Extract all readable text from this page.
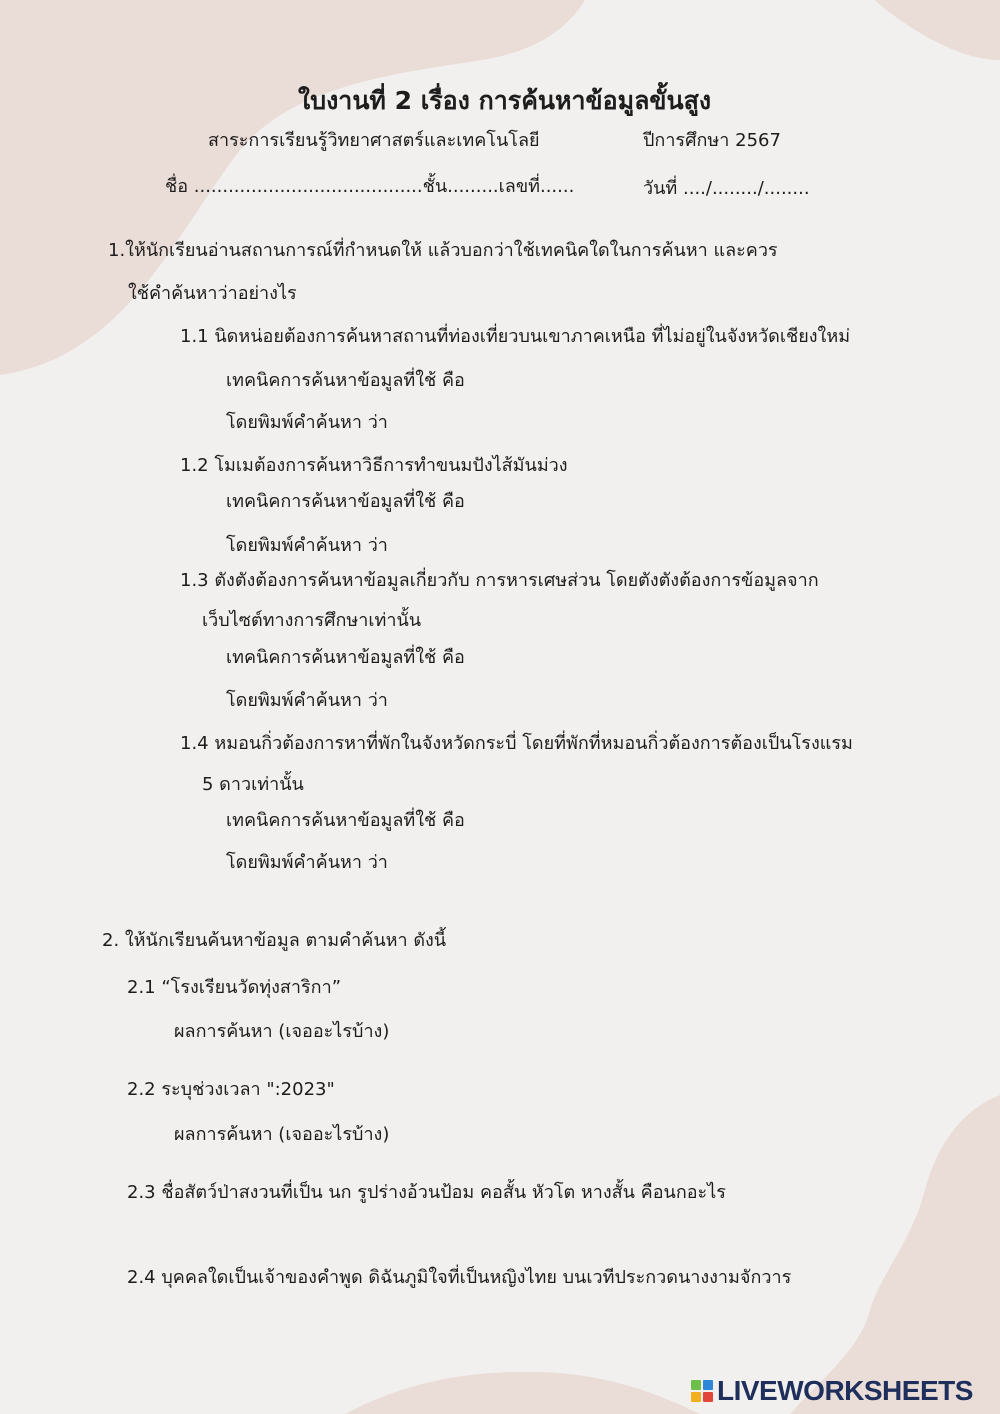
ใบงานที่ 2 เรื่อง การค้นหาข้อมูลขั้นสูง

สาระการเรียนรู้วิทยาศาสตร์และเทคโนโลยี	ปีการศึกษา 2567

ชื่อ ........................................ชั้น.........เลขที่......	วันที่ ..../......../........

1.ให้นักเรียนอ่านสถานการณ์ที่กำหนดให้ แล้วบอกว่าใช้เทคนิคใดในการค้นหา และควร

ใช้คำค้นหาว่าอย่างไร

1.1 นิดหน่อยต้องการค้นหาสถานที่ท่องเที่ยวบนเขาภาคเหนือ ที่ไม่อยู่ในจังหวัดเชียงใหม่

เทคนิคการค้นหาข้อมูลที่ใช้ คือ

โดยพิมพ์คำค้นหา ว่า

1.2 โมเมต้องการค้นหาวิธีการทำขนมปังไส้มันม่วง

เทคนิคการค้นหาข้อมูลที่ใช้ คือ

โดยพิมพ์คำค้นหา ว่า

1.3 ตังตังต้องการค้นหาข้อมูลเกี่ยวกับ การหารเศษส่วน โดยตังตังต้องการข้อมูลจาก

เว็บไซต์ทางการศึกษาเท่านั้น

เทคนิคการค้นหาข้อมูลที่ใช้ คือ

โดยพิมพ์คำค้นหา ว่า

1.4 หมอนกิ่วต้องการหาที่พักในจังหวัดกระบี่ โดยที่พักที่หมอนกิ่วต้องการต้องเป็นโรงแรม

5 ดาวเท่านั้น

เทคนิคการค้นหาข้อมูลที่ใช้ คือ

โดยพิมพ์คำค้นหา ว่า

2. ให้นักเรียนค้นหาข้อมูล ตามคำค้นหา ดังนี้

2.1 “โรงเรียนวัดทุ่งสาริกา”

ผลการค้นหา (เจออะไรบ้าง)

2.2 ระบุช่วงเวลา ":2023"

ผลการค้นหา (เจออะไรบ้าง)

2.3 ชื่อสัตว์ป่าสงวนที่เป็น นก รูปร่างอ้วนป้อม คอสั้น หัวโต หางสั้น คือนกอะไร

2.4 บุคคลใดเป็นเจ้าของคำพูด ดิฉันภูมิใจที่เป็นหญิงไทย บนเวทีประกวดนางงามจักวาร

LIVEWORKSHEETS
